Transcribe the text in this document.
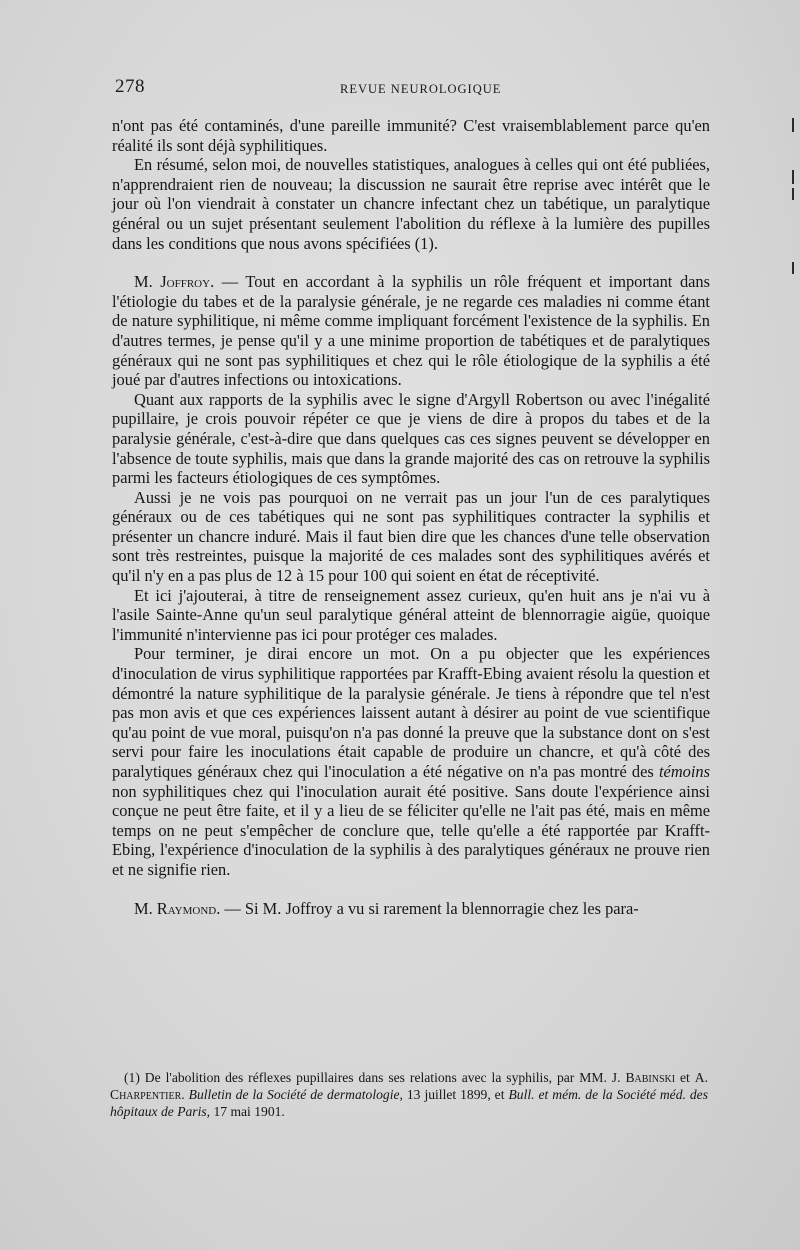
278	REVUE NEUROLOGIQUE

n'ont pas été contaminés, d'une pareille immunité? C'est vraisemblablement parce qu'en réalité ils sont déjà syphilitiques.

En résumé, selon moi, de nouvelles statistiques, analogues à celles qui ont été publiées, n'apprendraient rien de nouveau; la discussion ne saurait être reprise avec intérêt que le jour où l'on viendrait à constater un chancre infectant chez un tabétique, un paralytique général ou un sujet présentant seulement l'abolition du réflexe à la lumière des pupilles dans les conditions que nous avons spécifiées (1).

M. Joffroy. — Tout en accordant à la syphilis un rôle fréquent et important dans l'étiologie du tabes et de la paralysie générale, je ne regarde ces maladies ni comme étant de nature syphilitique, ni même comme impliquant forcément l'existence de la syphilis. En d'autres termes, je pense qu'il y a une minime proportion de tabétiques et de paralytiques généraux qui ne sont pas syphilitiques et chez qui le rôle étiologique de la syphilis a été joué par d'autres infections ou intoxications.

Quant aux rapports de la syphilis avec le signe d'Argyll Robertson ou avec l'inégalité pupillaire, je crois pouvoir répéter ce que je viens de dire à propos du tabes et de la paralysie générale, c'est-à-dire que dans quelques cas ces signes peuvent se développer en l'absence de toute syphilis, mais que dans la grande majorité des cas on retrouve la syphilis parmi les facteurs étiologiques de ces symptômes.

Aussi je ne vois pas pourquoi on ne verrait pas un jour l'un de ces paralytiques généraux ou de ces tabétiques qui ne sont pas syphilitiques contracter la syphilis et présenter un chancre induré. Mais il faut bien dire que les chances d'une telle observation sont très restreintes, puisque la majorité de ces malades sont des syphilitiques avérés et qu'il n'y en a pas plus de 12 à 15 pour 100 qui soient en état de réceptivité.

Et ici j'ajouterai, à titre de renseignement assez curieux, qu'en huit ans je n'ai vu à l'asile Sainte-Anne qu'un seul paralytique général atteint de blennorragie aigüe, quoique l'immunité n'intervienne pas ici pour protéger ces malades.

Pour terminer, je dirai encore un mot. On a pu objecter que les expériences d'inoculation de virus syphilitique rapportées par Krafft-Ebing avaient résolu la question et démontré la nature syphilitique de la paralysie générale. Je tiens à répondre que tel n'est pas mon avis et que ces expériences laissent autant à désirer au point de vue scientifique qu'au point de vue moral, puisqu'on n'a pas donné la preuve que la substance dont on s'est servi pour faire les inoculations était capable de produire un chancre, et qu'à côté des paralytiques généraux chez qui l'inoculation a été négative on n'a pas montré des témoins non syphilitiques chez qui l'inoculation aurait été positive. Sans doute l'expérience ainsi conçue ne peut être faite, et il y a lieu de se féliciter qu'elle ne l'ait pas été, mais en même temps on ne peut s'empêcher de conclure que, telle qu'elle a été rapportée par Krafft-Ebing, l'expérience d'inoculation de la syphilis à des paralytiques généraux ne prouve rien et ne signifie rien.

M. Raymond. — Si M. Joffroy a vu si rarement la blennorragie chez les para-

(1) De l'abolition des réflexes pupillaires dans ses relations avec la syphilis, par MM. J. Babinski et A. Charpentier. Bulletin de la Société de dermatologie, 13 juillet 1899, et Bull. et mém. de la Société méd. des hôpitaux de Paris, 17 mai 1901.
